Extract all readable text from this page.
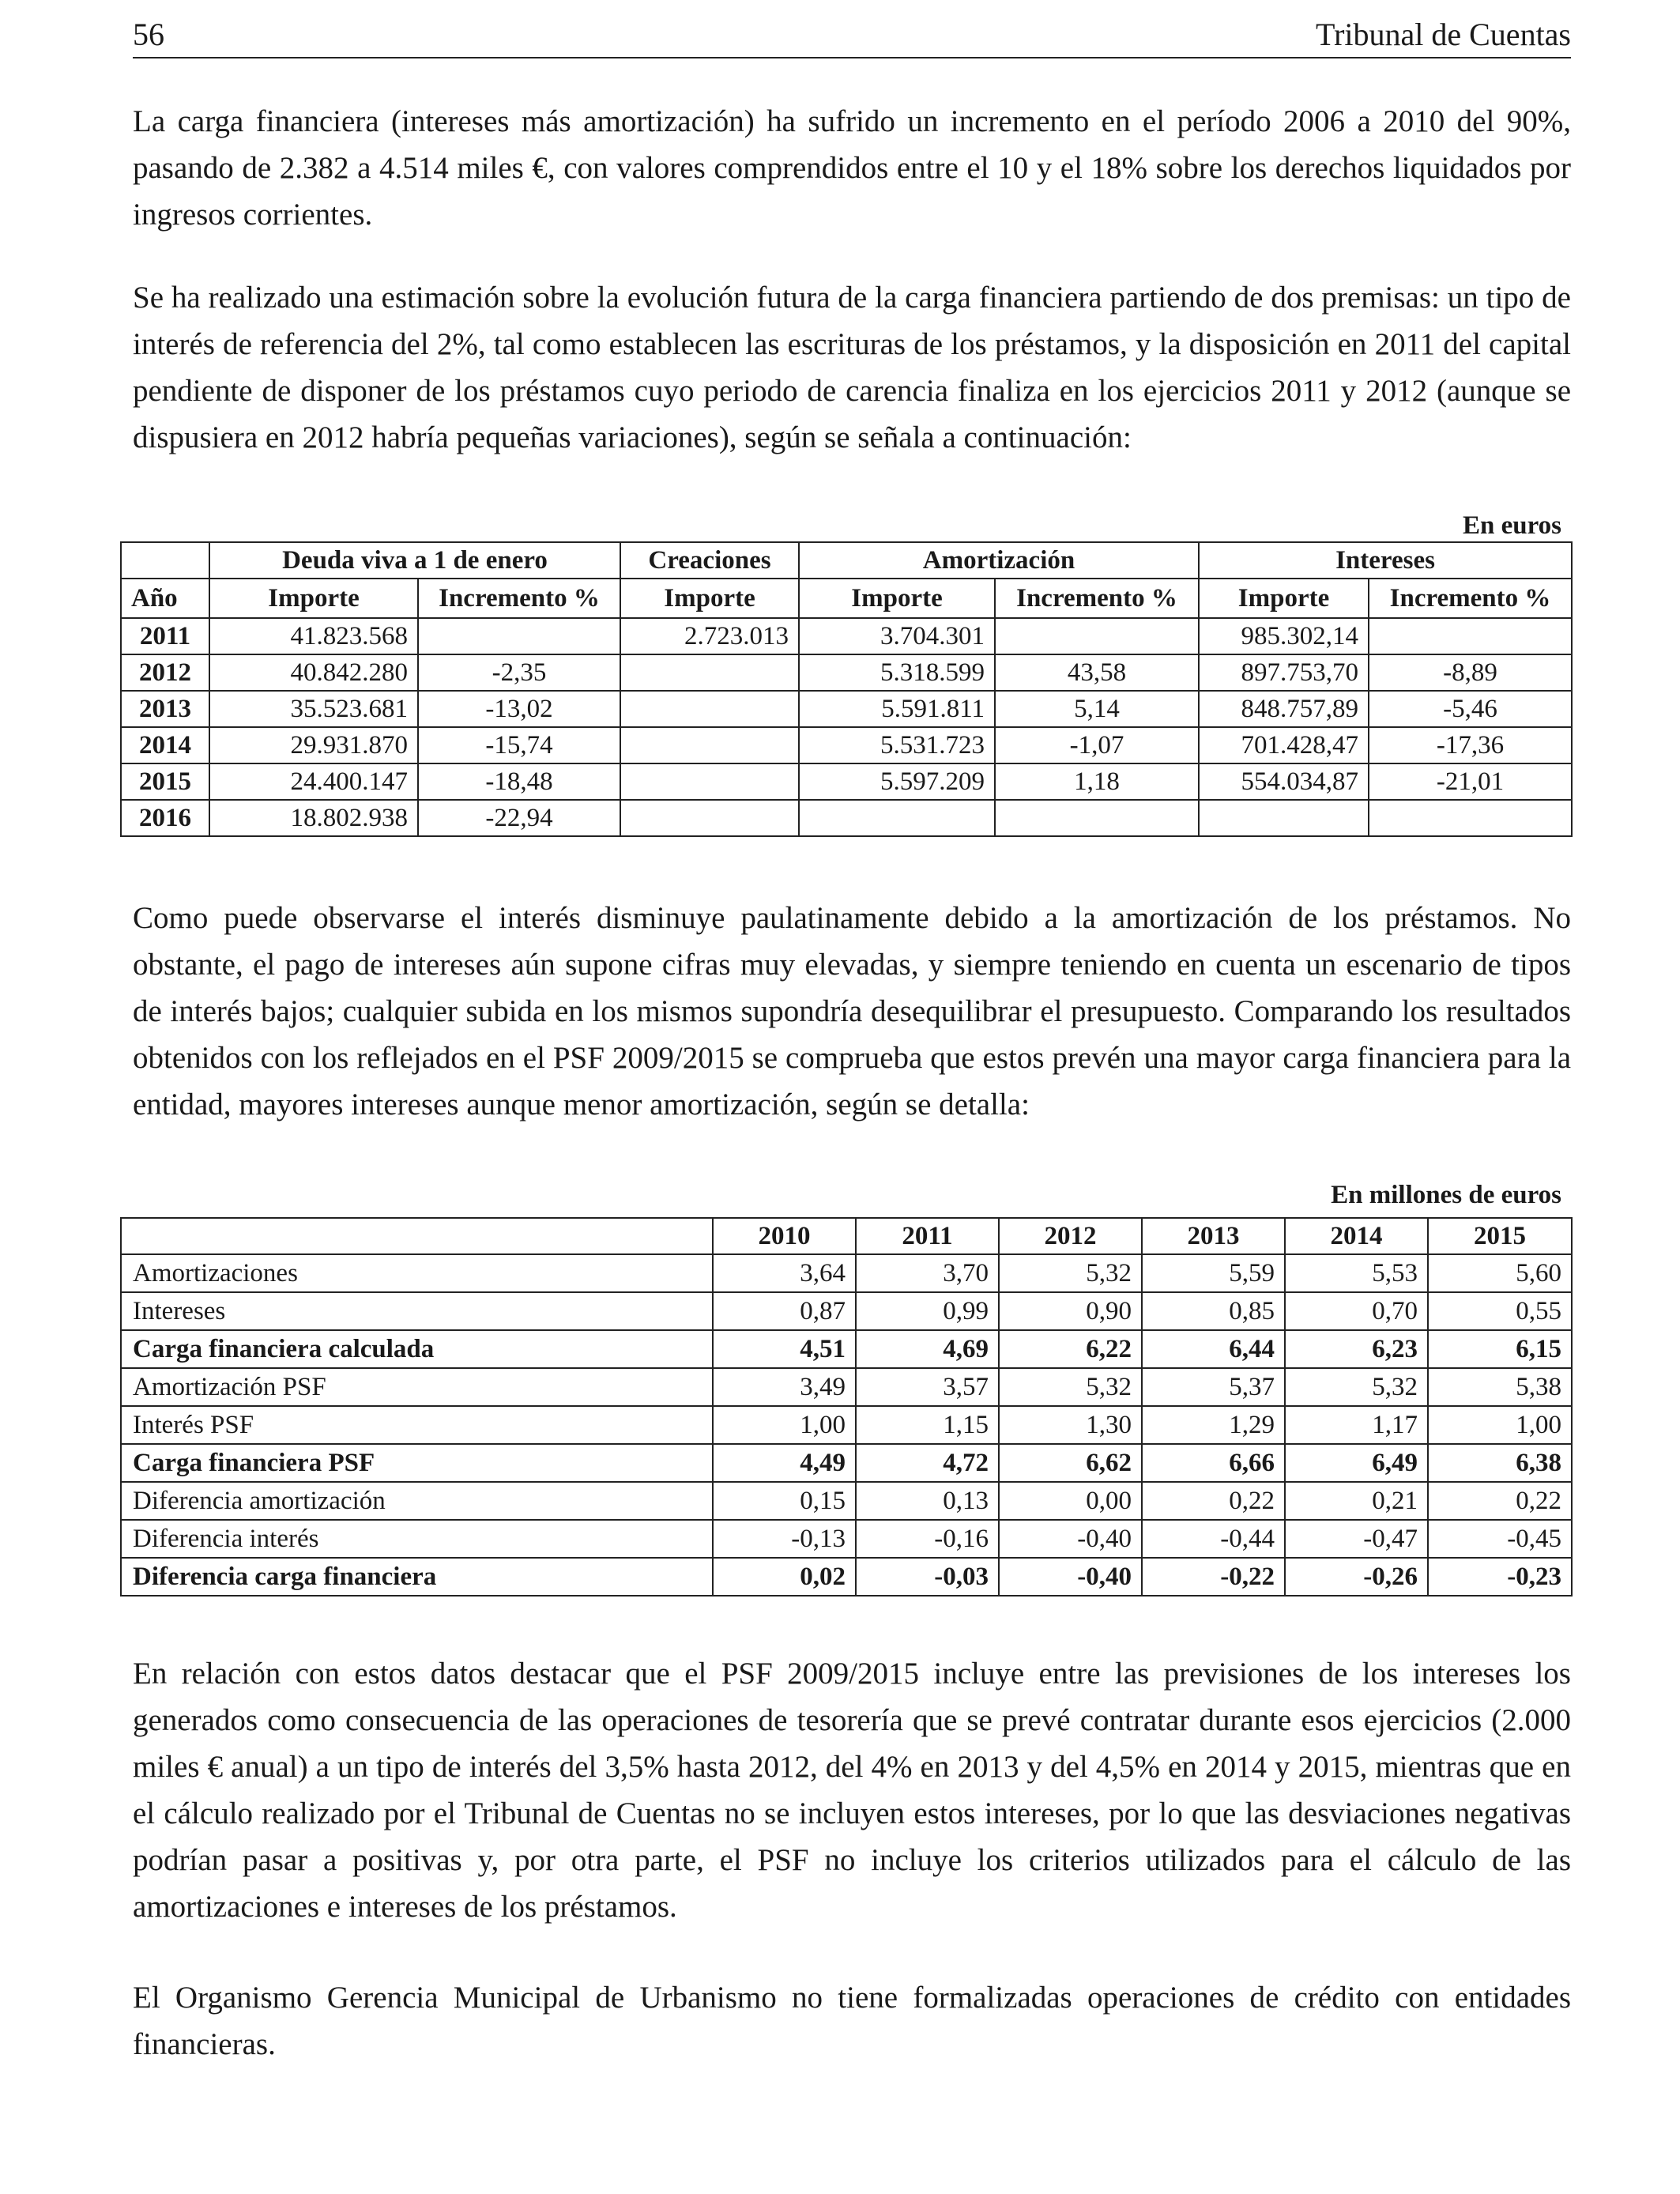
56	Tribunal de Cuentas

La carga financiera (intereses más amortización) ha sufrido un incremento en el período 2006 a 2010 del 90%, pasando de 2.382 a 4.514 miles €, con valores comprendidos entre el 10 y el 18% sobre los derechos liquidados por ingresos corrientes.

Se ha realizado una estimación sobre la evolución futura de la carga financiera partiendo de dos premisas: un tipo de interés de referencia del 2%, tal como establecen las escrituras de los préstamos, y la disposición en 2011 del capital pendiente de disponer de los préstamos cuyo periodo de carencia finaliza en los ejercicios 2011 y 2012 (aunque se dispusiera en 2012 habría pequeñas variaciones), según se señala a continuación:

En euros
	Deuda viva a 1 de enero		Creaciones	Amortización		Intereses	
Año	Importe	Incremento %	Importe	Importe	Incremento %	Importe	Incremento %
2011	41.823.568		2.723.013	3.704.301		985.302,14	
2012	40.842.280	-2,35		5.318.599	43,58	897.753,70	-8,89
2013	35.523.681	-13,02		5.591.811	5,14	848.757,89	-5,46
2014	29.931.870	-15,74		5.531.723	-1,07	701.428,47	-17,36
2015	24.400.147	-18,48		5.597.209	1,18	554.034,87	-21,01
2016	18.802.938	-22,94					

Como puede observarse el interés disminuye paulatinamente debido a la amortización de los préstamos. No obstante, el pago de intereses aún supone cifras muy elevadas, y siempre teniendo en cuenta un escenario de tipos de interés bajos; cualquier subida en los mismos supondría desequilibrar el presupuesto. Comparando los resultados obtenidos con los reflejados en el PSF 2009/2015 se comprueba que estos prevén una mayor carga financiera para la entidad, mayores intereses aunque menor amortización, según se detalla:

En millones de euros
	2010	2011	2012	2013	2014	2015
Amortizaciones	3,64	3,70	5,32	5,59	5,53	5,60
Intereses	0,87	0,99	0,90	0,85	0,70	0,55
Carga financiera calculada	4,51	4,69	6,22	6,44	6,23	6,15
Amortización PSF	3,49	3,57	5,32	5,37	5,32	5,38
Interés PSF	1,00	1,15	1,30	1,29	1,17	1,00
Carga financiera PSF	4,49	4,72	6,62	6,66	6,49	6,38
Diferencia amortización	0,15	0,13	0,00	0,22	0,21	0,22
Diferencia interés	-0,13	-0,16	-0,40	-0,44	-0,47	-0,45
Diferencia carga financiera	0,02	-0,03	-0,40	-0,22	-0,26	-0,23

En relación con estos datos destacar que el PSF 2009/2015 incluye entre las previsiones de los intereses los generados como consecuencia de las operaciones de tesorería que se prevé contratar durante esos ejercicios (2.000 miles € anual) a un tipo de interés del 3,5% hasta 2012, del 4% en 2013 y del 4,5% en 2014 y 2015, mientras que en el cálculo realizado por el Tribunal de Cuentas no se incluyen estos intereses, por lo que las desviaciones negativas podrían pasar a positivas y, por otra parte, el PSF no incluye los criterios utilizados para el cálculo de las amortizaciones e intereses de los préstamos.

El Organismo Gerencia Municipal de Urbanismo no tiene formalizadas operaciones de crédito con entidades financieras.
